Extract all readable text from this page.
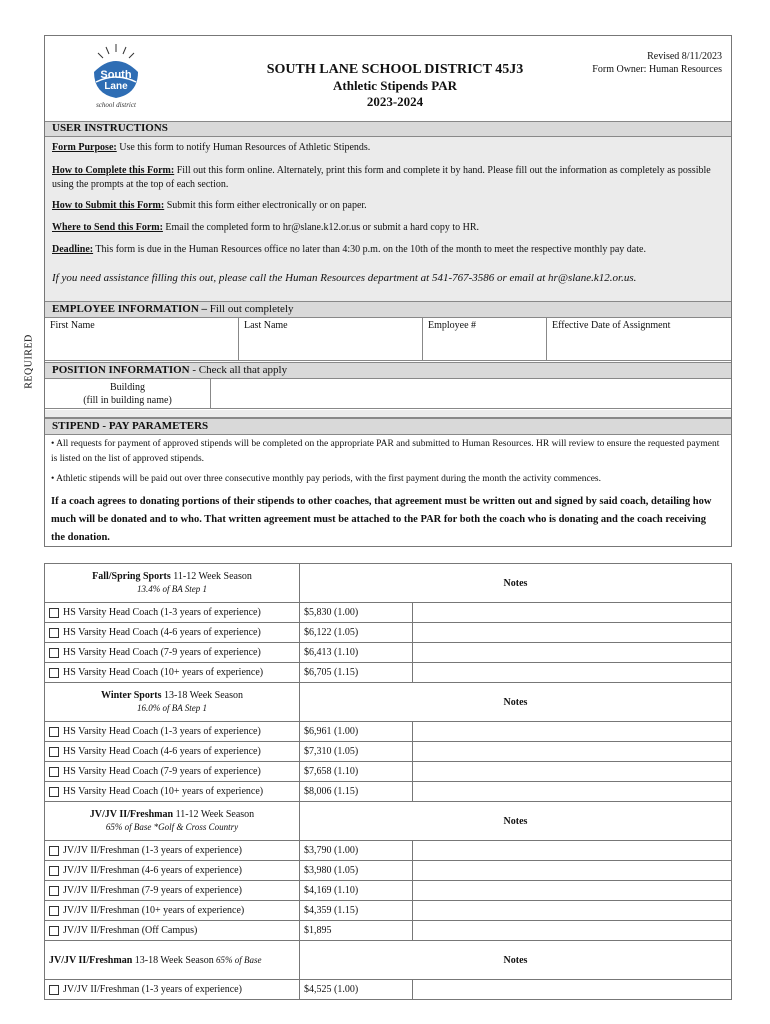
REQUIRED
South
Lane
school district
SOUTH LANE SCHOOL DISTRICT 45J3
Athletic Stipends PAR
2023-2024
Revised 8/11/2023
Form Owner: Human Resources
USER INSTRUCTIONS

Form Purpose: Use this form to notify Human Resources of Athletic Stipends.

How to Complete this Form: Fill out this form online. Alternately, print this form and complete it by hand. Please fill out the information as completely as possible using the prompts at the top of each section.

How to Submit this Form: Submit this form either electronically or on paper.

Where to Send this Form: Email the completed form to hr@slane.k12.or.us or submit a hard copy to HR.

Deadline: This form is due in the Human Resources office no later than 4:30 p.m. on the 10th of the month to meet the respective monthly pay date.

If you need assistance filling this out, please call the Human Resources department at 541-767-3586 or email at hr@slane.k12.or.us.

EMPLOYEE INFORMATION – Fill out completely
First Name	Last Name	Employee #	Effective Date of Assignment
POSITION INFORMATION - Check all that apply
Building
(fill in building name)
STIPEND - PAY PARAMETERS

• All requests for payment of approved stipends will be completed on the appropriate PAR and submitted to Human Resources. HR will review to ensure the requested payment is listed on the list of approved stipends.

• Athletic stipends will be paid out over three consecutive monthly pay periods, with the first payment during the month the activity commences.

If a coach agrees to donating portions of their stipends to other coaches, that agreement must be written out and signed by said coach, detailing how much will be donated and to who. That written agreement must be attached to the PAR for both the coach who is donating and the coach receiving the donation.

Fall/Spring Sports 11-12 Week Season
13.4% of BA Step 1	Notes	
HS Varsity Head Coach (1-3 years of experience)	$5,830 (1.00)	
HS Varsity Head Coach (4-6 years of experience)	$6,122 (1.05)	
HS Varsity Head Coach (7-9 years of experience)	$6,413 (1.10)	
HS Varsity Head Coach (10+ years of experience)	$6,705 (1.15)	

Winter Sports 13-18 Week Season
16.0% of BA Step 1	Notes	
HS Varsity Head Coach (1-3 years of experience)	$6,961 (1.00)	
HS Varsity Head Coach (4-6 years of experience)	$7,310 (1.05)	
HS Varsity Head Coach (7-9 years of experience)	$7,658 (1.10)	
HS Varsity Head Coach (10+ years of experience)	$8,006 (1.15)	

JV/JV II/Freshman 11-12 Week Season
65% of Base *Golf & Cross Country	Notes	
JV/JV II/Freshman (1-3 years of experience)	$3,790 (1.00)	
JV/JV II/Freshman (4-6 years of experience)	$3,980 (1.05)	
JV/JV II/Freshman (7-9 years of experience)	$4,169 (1.10)	
JV/JV II/Freshman (10+ years of experience)	$4,359 (1.15)	
JV/JV II/Freshman (Off Campus)	$1,895	
JV/JV II/Freshman 13-18 Week Season 65% of Base	Notes	
JV/JV II/Freshman (1-3 years of experience)	$4,525 (1.00)	
